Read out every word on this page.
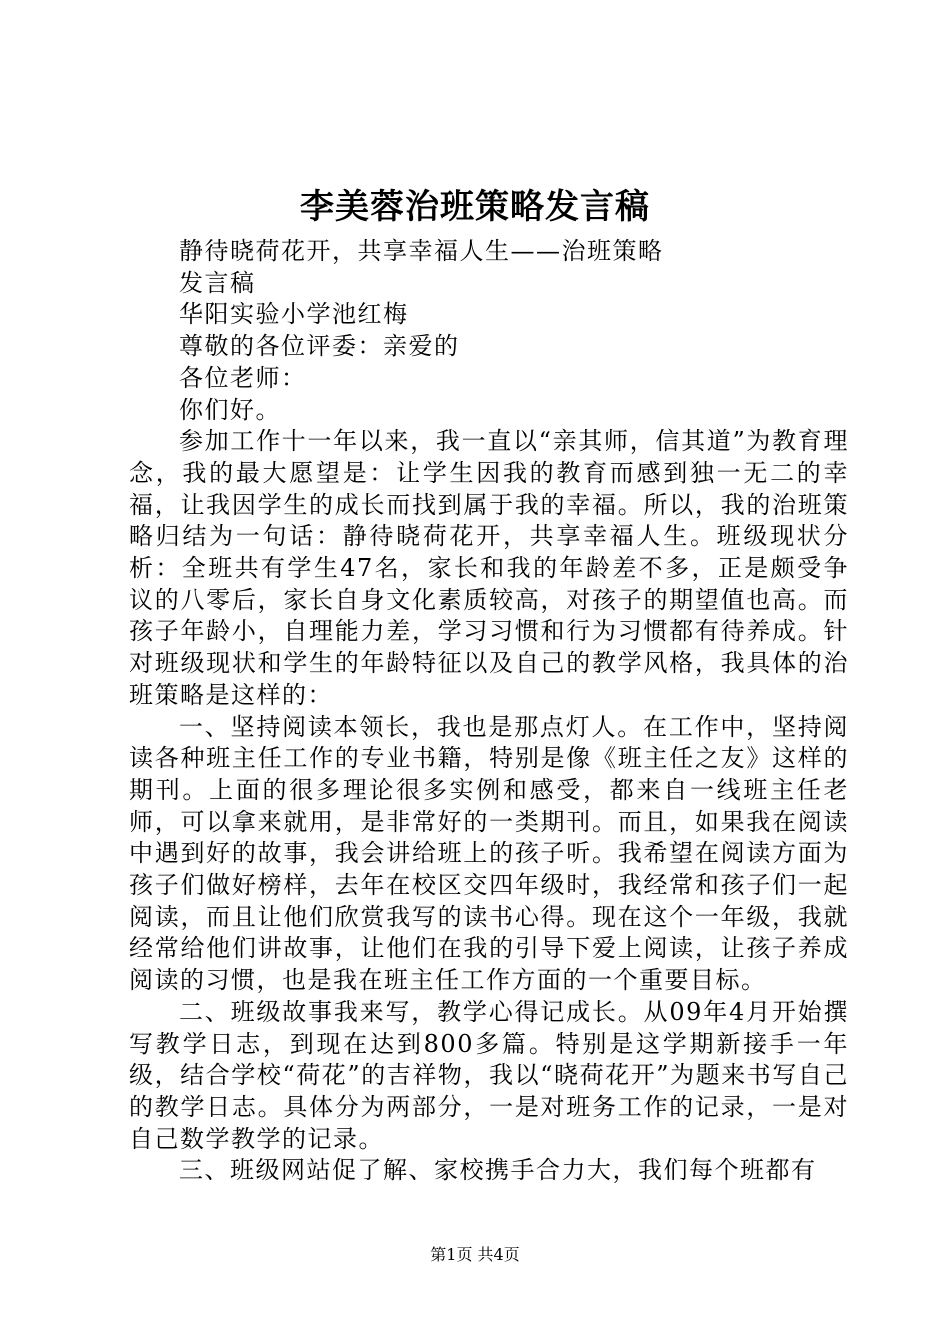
李美蓉治班策略发言稿

静待晓荷花开，共享幸福人生——治班策略

发言稿

华阳实验小学池红梅

尊敬的各位评委：亲爱的

各位老师：

你们好。

参加工作十一年以来，我一直以“亲其师，信其道”为教育理念，我的最大愿望是：让学生因我的教育而感到独一无二的幸福，让我因学生的成长而找到属于我的幸福。所以，我的治班策略归结为一句话：静待晓荷花开，共享幸福人生。班级现状分析：全班共有学生47名，家长和我的年龄差不多，正是颇受争议的八零后，家长自身文化素质较高，对孩子的期望值也高。而孩子年龄小，自理能力差，学习习惯和行为习惯都有待养成。针对班级现状和学生的年龄特征以及自己的教学风格，我具体的治班策略是这样的：

一、坚持阅读本领长，我也是那点灯人。在工作中，坚持阅读各种班主任工作的专业书籍，特别是像《班主任之友》这样的期刊。上面的很多理论很多实例和感受，都来自一线班主任老师，可以拿来就用，是非常好的一类期刊。而且，如果我在阅读中遇到好的故事，我会讲给班上的孩子听。我希望在阅读方面为孩子们做好榜样，去年在校区交四年级时，我经常和孩子们一起阅读，而且让他们欣赏我写的读书心得。现在这个一年级，我就经常给他们讲故事，让他们在我的引导下爱上阅读，让孩子养成阅读的习惯，也是我在班主任工作方面的一个重要目标。

二、班级故事我来写，教学心得记成长。从09年4月开始撰写教学日志，到现在达到800多篇。特别是这学期新接手一年级，结合学校“荷花”的吉祥物，我以“晓荷花开”为题来书写自己的教学日志。具体分为两部分，一是对班务工作的记录，一是对自己数学教学的记录。

三、班级网站促了解、家校携手合力大，我们每个班都有

第1页 共4页
